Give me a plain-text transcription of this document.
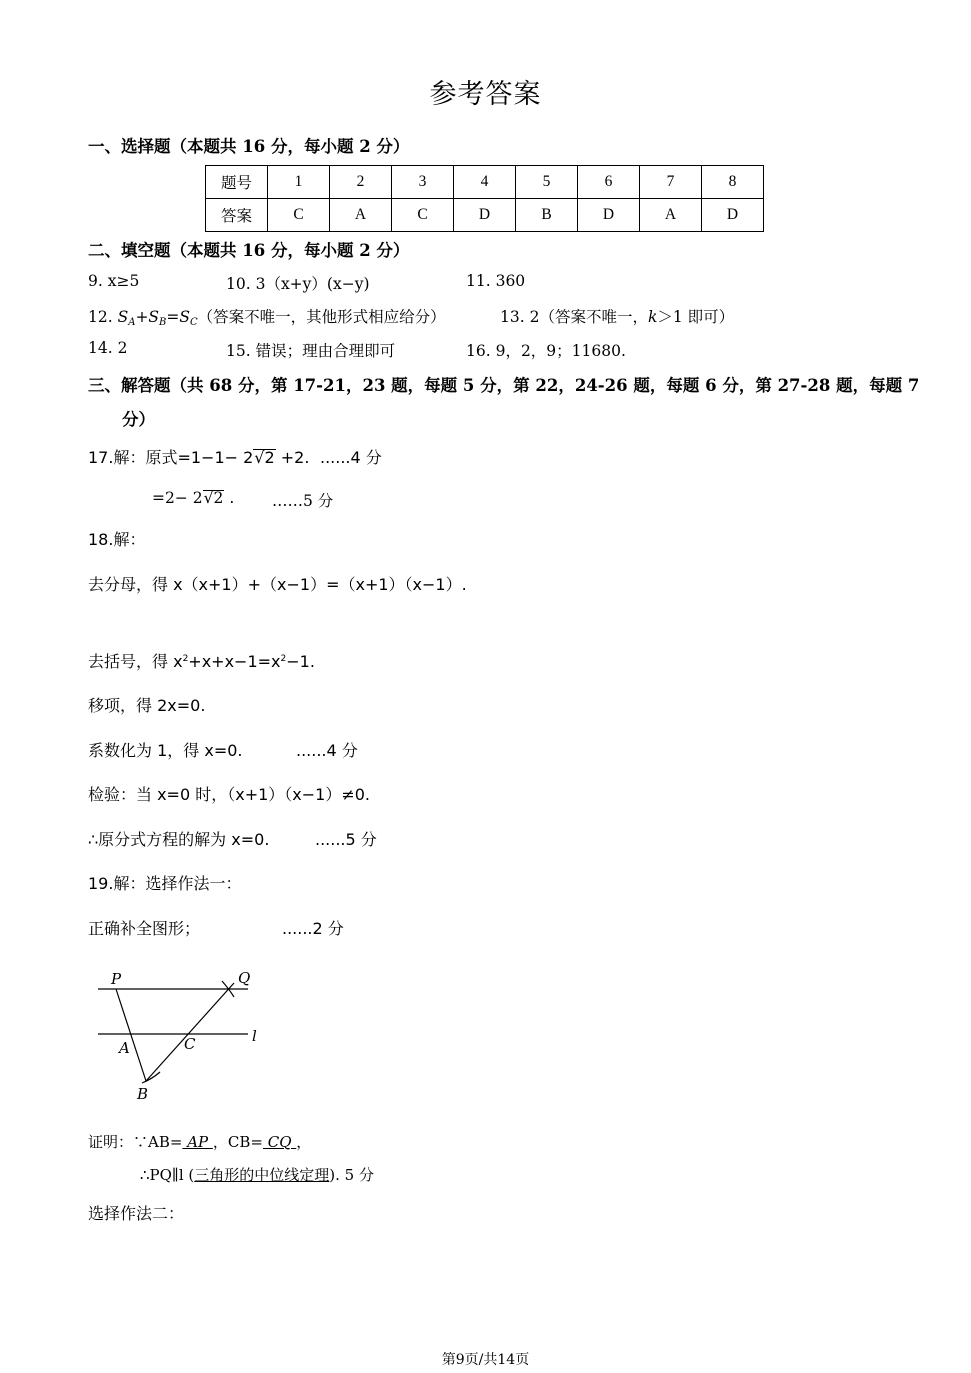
参考答案
一、选择题（本题共 16 分，每小题 2 分）
题号	1	2	3	4	5	6	7	8
答案	C	A	C	D	B	D	A	D
二、填空题（本题共 16 分，每小题 2 分）
9. x≥5	10. 3（x+y）(x−y)	11. 360
12. $S_A+S_B=S_C$（答案不唯一，其他形式相应给分）	13. 2（答案不唯一，k＞1 即可）
14. 2	15. 错误；理由合理即可	16. 9，2，9；11680.
三、解答题（共 68 分，第 17-21，23 题，每题 5 分，第 22，24-26 题，每题 6 分，第 27-28 题，每题 7
分）
17.解：原式=1−1− 2√2 +2. ......4 分
=2− 2√2 . ……5 分
18.解：
去分母，得 x（x+1）+（x−1）=（x+1）（x−1）.
去括号，得 $x^2+x+x-1=x^2-1$.
移项，得 2x=0.
系数化为 1，得 x=0.	......4 分
检验：当 x=0 时，（x+1）（x−1）≠0.
∴原分式方程的解为 x=0.	......5 分
19.解：选择作法一：
正确补全图形；	......2 分
P	Q
l
A	C
B
证明：∵AB= AP ，CB= CQ ，
∴PQ∥l (三角形的中位线定理). 5 分
选择作法二：
第9页/共14页
